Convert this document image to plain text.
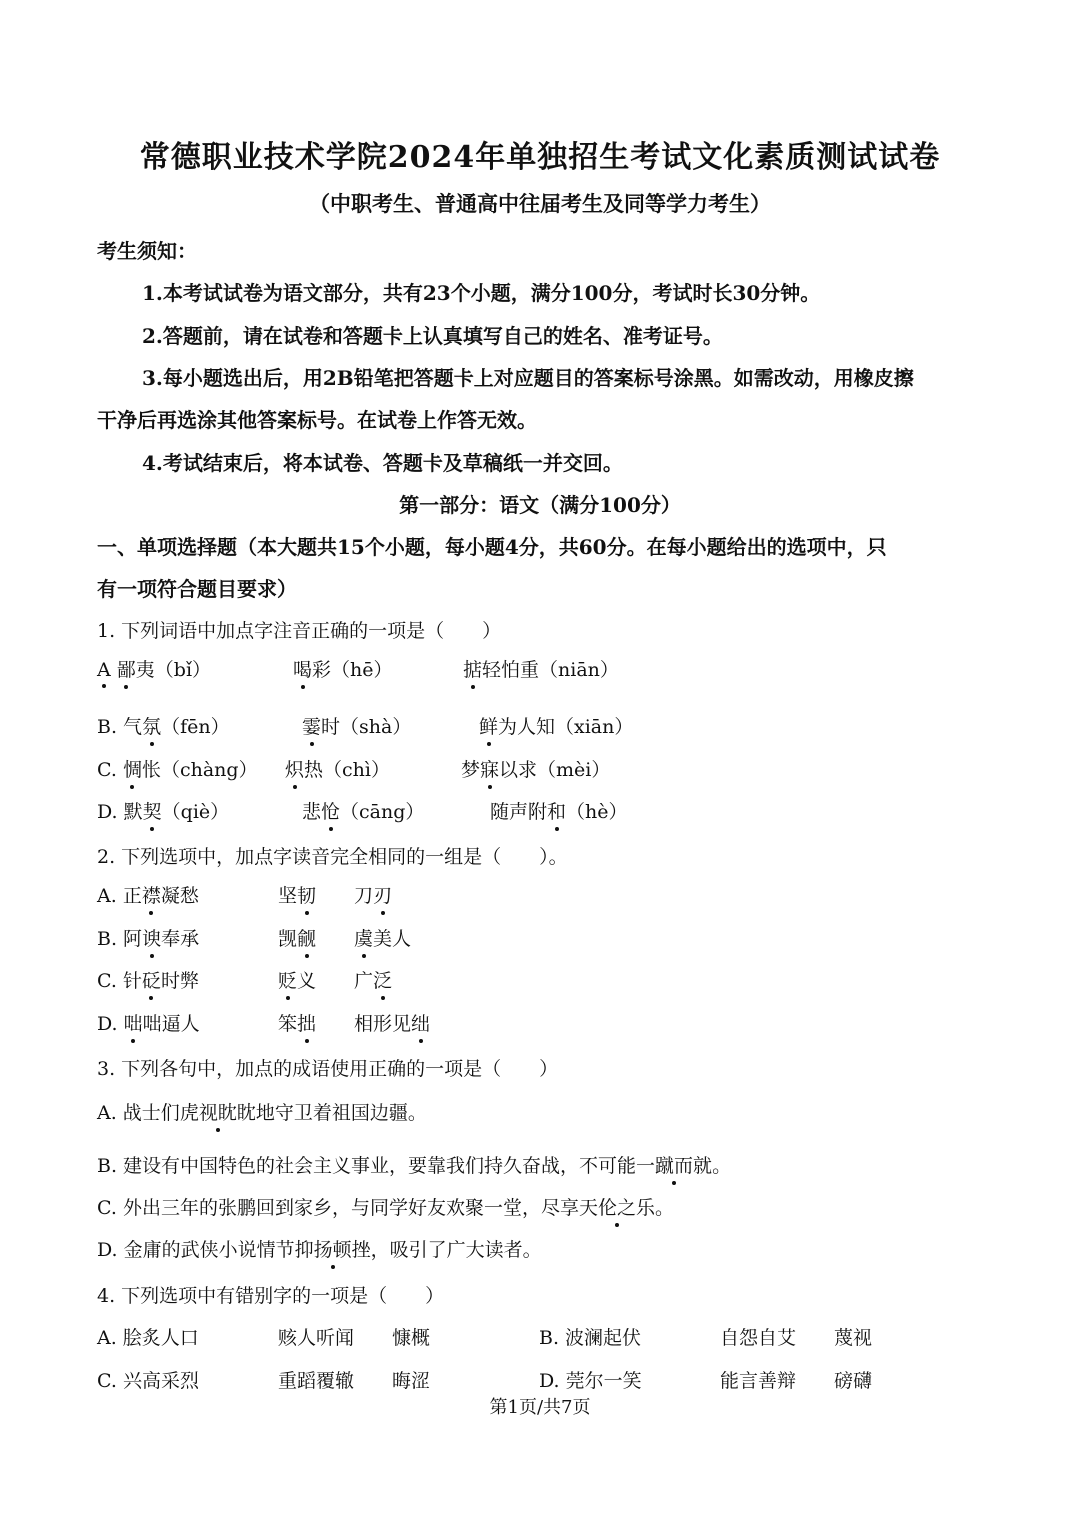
常德职业技术学院2024年单独招生考试文化素质测试试卷
（中职考生、普通高中往届考生及同等学力考生）
考生须知：
1.本考试试卷为语文部分，共有23个小题，满分100分，考试时长30分钟。
2.答题前，请在试卷和答题卡上认真填写自己的姓名、准考证号。
3.每小题选出后，用2B铅笔把答题卡上对应题目的答案标号涂黑。如需改动，用橡皮擦
干净后再选涂其他答案标号。在试卷上作答无效。
4.考试结束后，将本试卷、答题卡及草稿纸一并交回。
第一部分：语文（满分100分）
一、单项选择题（本大题共15个小题，每小题4分，共60分。在每小题给出的选项中，只
有一项符合题目要求）
1. 下列词语中加点字注音正确的一项是（　　）
A 鄙夷（bǐ）	喝彩（hē）	掂轻怕重（niān）
B. 气氛（fēn）	霎时（shà）	鲜为人知（xiān）
C. 惆怅（chàng） 炽热（chì）	梦寐以求（mèi）
D. 默契（qiè）	悲怆（cāng）	随声附和（hè）
2. 下列选项中，加点字读音完全相同的一组是（　　）。
A. 正襟凝愁	坚韧 刀刃
B. 阿谀奉承	觊觎 虞美人
C. 针砭时弊	贬义 广泛
D. 咄咄逼人	笨拙 相形见绌
3. 下列各句中，加点的成语使用正确的一项是（　　）
A. 战士们虎视眈眈地守卫着祖国边疆。
B. 建设有中国特色的社会主义事业，要靠我们持久奋战，不可能一蹴而就。
C. 外出三年的张鹏回到家乡，与同学好友欢聚一堂，尽享天伦之乐。
D. 金庸的武侠小说情节抑扬顿挫，吸引了广大读者。
4. 下列选项中有错别字的一项是（　　）
A. 脍炙人口	赅人听闻 慷概	B. 波澜起伏	自怨自艾 蔑视
C. 兴高采烈	重蹈覆辙 晦涩	D. 莞尔一笑	能言善辩 磅礴
第1页/共7页
